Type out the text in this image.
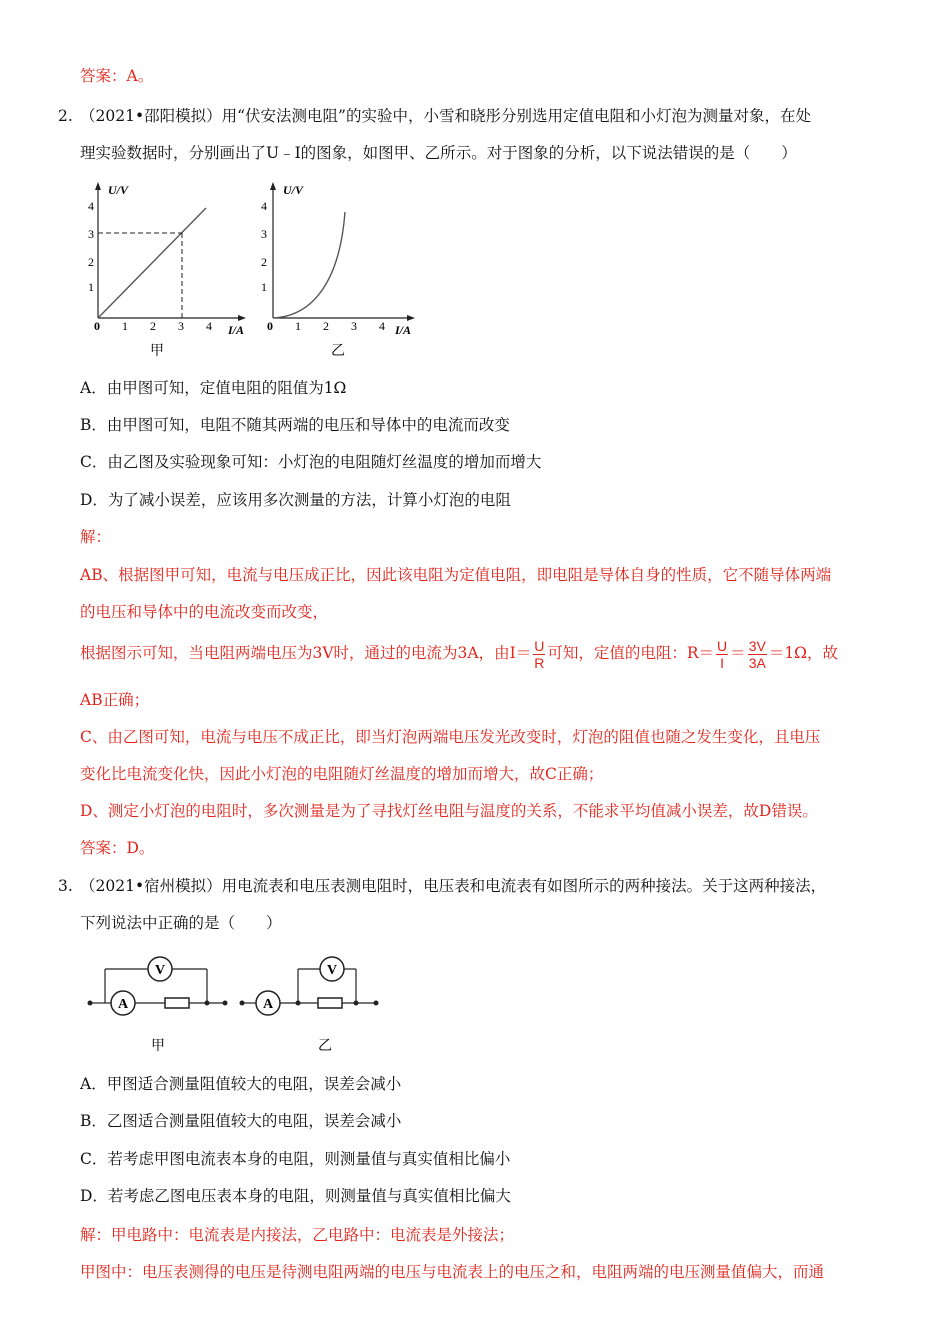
答案：A。
2. （2021•邵阳模拟）用“伏安法测电阻”的实验中，小雪和晓彤分别选用定值电阻和小灯泡为测量对象，在处
理实验数据时，分别画出了U﹣I的图象，如图甲、乙所示。对于图象的分析，以下说法错误的是（　　）
U/V
I/A
0
1
2
3
4
1 2 3 4
甲
U/V
I/A
0
1
2
3
4
1 2 3 4
乙
A．由甲图可知，定值电阻的阻值为1Ω
B．由甲图可知，电阻不随其两端的电压和导体中的电流而改变
C．由乙图及实验现象可知：小灯泡的电阻随灯丝温度的增加而增大
D．为了减小误差，应该用多次测量的方法，计算小灯泡的电阻
解：
AB、根据图甲可知，电流与电压成正比，因此该电阻为定值电阻，即电阻是导体自身的性质，它不随导体两端
的电压和导体中的电流改变而改变，
根据图示可知，当电阻两端电压为3V时，通过的电流为3A，由$I= \frac{U}{R}$ 可知，定值的电阻：$R= \frac{U}{I} = \frac{3V}{3A} =1\Omega$，故
AB正确；
C、由乙图可知，电流与电压不成正比，即当灯泡两端电压发光改变时，灯泡的阻值也随之发生变化，且电压
变化比电流变化快，因此小灯泡的电阻随灯丝温度的增加而增大，故C正确；
D、测定小灯泡的电阻时，多次测量是为了寻找灯丝电阻与温度的关系，不能求平均值减小误差，故D错误。
答案：D。
3. （2021•宿州模拟）用电流表和电压表测电阻时，电压表和电流表有如图所示的两种接法。关于这两种接法，
下列说法中正确的是（　　）
V
A
甲
A
V
乙
A．甲图适合测量阻值较大的电阻，误差会减小
B．乙图适合测量阻值较大的电阻，误差会减小
C．若考虑甲图电流表本身的电阻，则测量值与真实值相比偏小
D．若考虑乙图电压表本身的电阻，则测量值与真实值相比偏大
解：甲电路中：电流表是内接法，乙电路中：电流表是外接法；
甲图中：电压表测得的电压是待测电阻两端的电压与电流表上的电压之和，电阻两端的电压测量值偏大，而通
